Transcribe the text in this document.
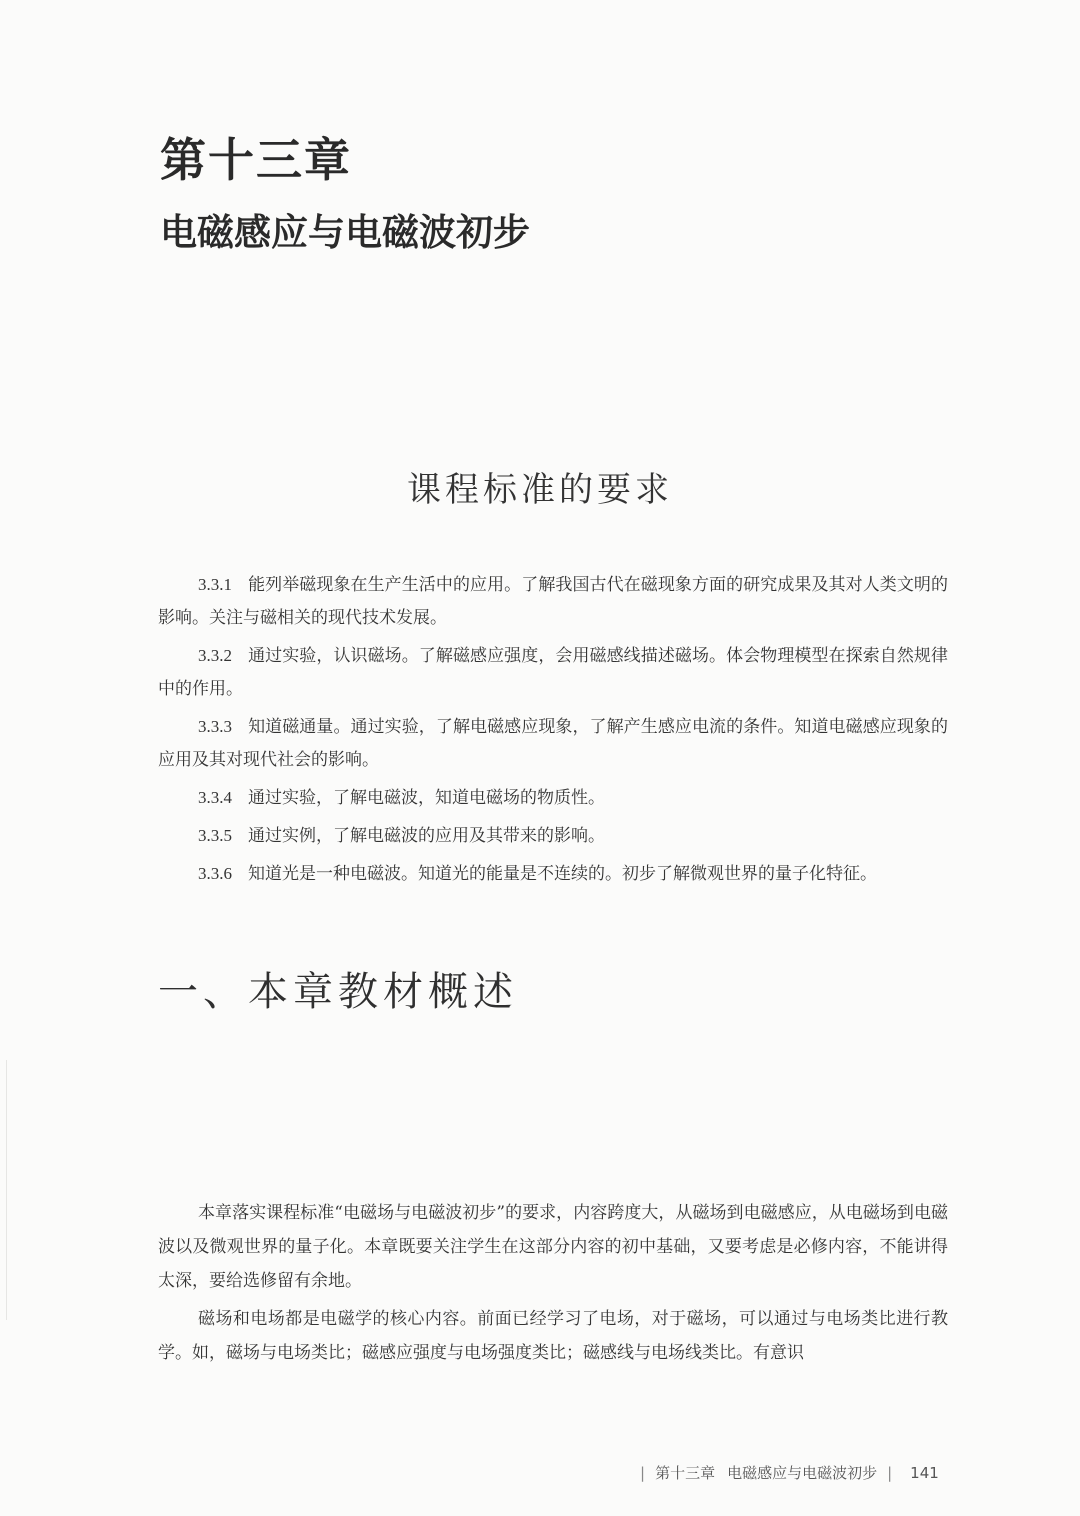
第十三章
电磁感应与电磁波初步
课程标准的要求

3.3.1 能列举磁现象在生产生活中的应用。了解我国古代在磁现象方面的研究成果及其对人类文明的影响。关注与磁相关的现代技术发展。

3.3.2 通过实验，认识磁场。了解磁感应强度，会用磁感线描述磁场。体会物理模型在探索自然规律中的作用。

3.3.3 知道磁通量。通过实验，了解电磁感应现象，了解产生感应电流的条件。知道电磁感应现象的应用及其对现代社会的影响。

3.3.4 通过实验，了解电磁波，知道电磁场的物质性。

3.3.5 通过实例，了解电磁波的应用及其带来的影响。

3.3.6 知道光是一种电磁波。知道光的能量是不连续的。初步了解微观世界的量子化特征。

一、本章教材概述

本章落实课程标准“电磁场与电磁波初步”的要求，内容跨度大，从磁场到电磁感应，从电磁场到电磁波以及微观世界的量子化。本章既要关注学生在这部分内容的初中基础，又要考虑是必修内容，不能讲得太深，要给选修留有余地。

磁场和电场都是电磁学的核心内容。前面已经学习了电场，对于磁场，可以通过与电场类比进行教学。如，磁场与电场类比；磁感应强度与电场强度类比；磁感线与电场线类比。有意识

| 第十三章 电磁感应与电磁波初步 | 141
